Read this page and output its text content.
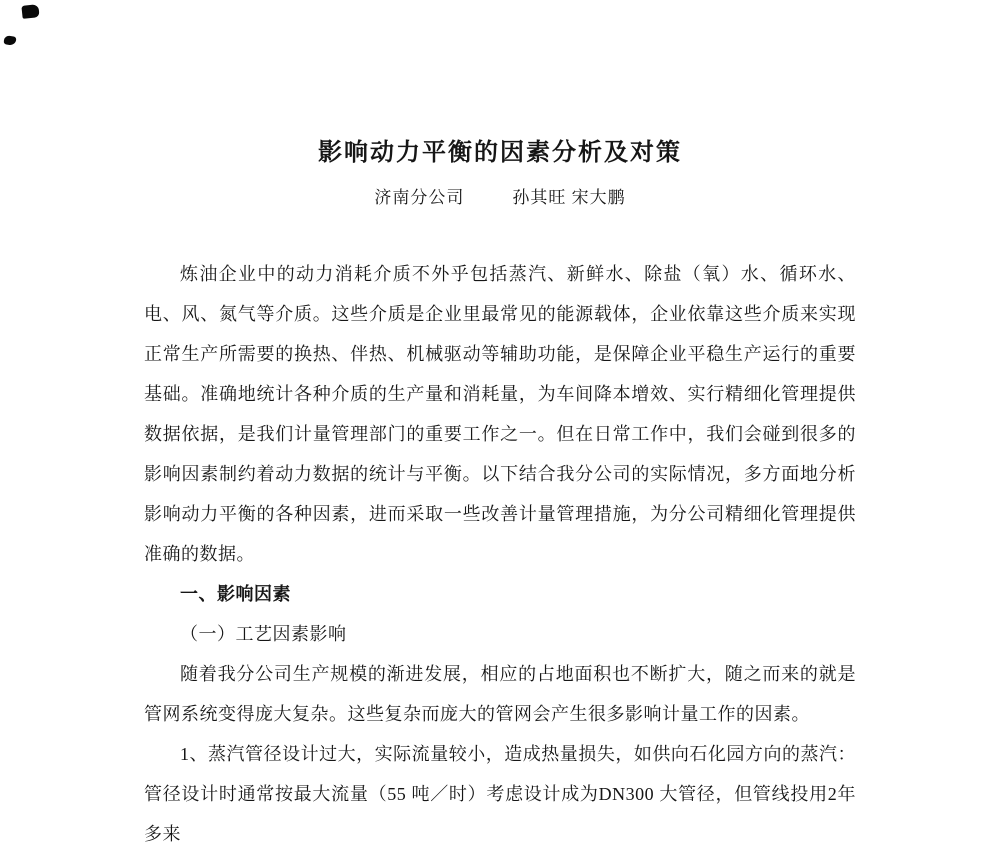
影响动力平衡的因素分析及对策
济南分公司	孙其旺 宋大鹏

炼油企业中的动力消耗介质不外乎包括蒸汽、新鲜水、除盐（氧）水、循环水、电、风、氮气等介质。这些介质是企业里最常见的能源载体，企业依靠这些介质来实现正常生产所需要的换热、伴热、机械驱动等辅助功能，是保障企业平稳生产运行的重要基础。准确地统计各种介质的生产量和消耗量，为车间降本增效、实行精细化管理提供数据依据，是我们计量管理部门的重要工作之一。但在日常工作中，我们会碰到很多的影响因素制约着动力数据的统计与平衡。以下结合我分公司的实际情况，多方面地分析影响动力平衡的各种因素，进而采取一些改善计量管理措施，为分公司精细化管理提供准确的数据。

一、影响因素

（一）工艺因素影响

随着我分公司生产规模的渐进发展，相应的占地面积也不断扩大，随之而来的就是管网系统变得庞大复杂。这些复杂而庞大的管网会产生很多影响计量工作的因素。

1、蒸汽管径设计过大，实际流量较小，造成热量损失，如供向石化园方向的蒸汽：管径设计时通常按最大流量（55 吨／时）考虑设计成为DN300 大管径，但管线投用2年多来
